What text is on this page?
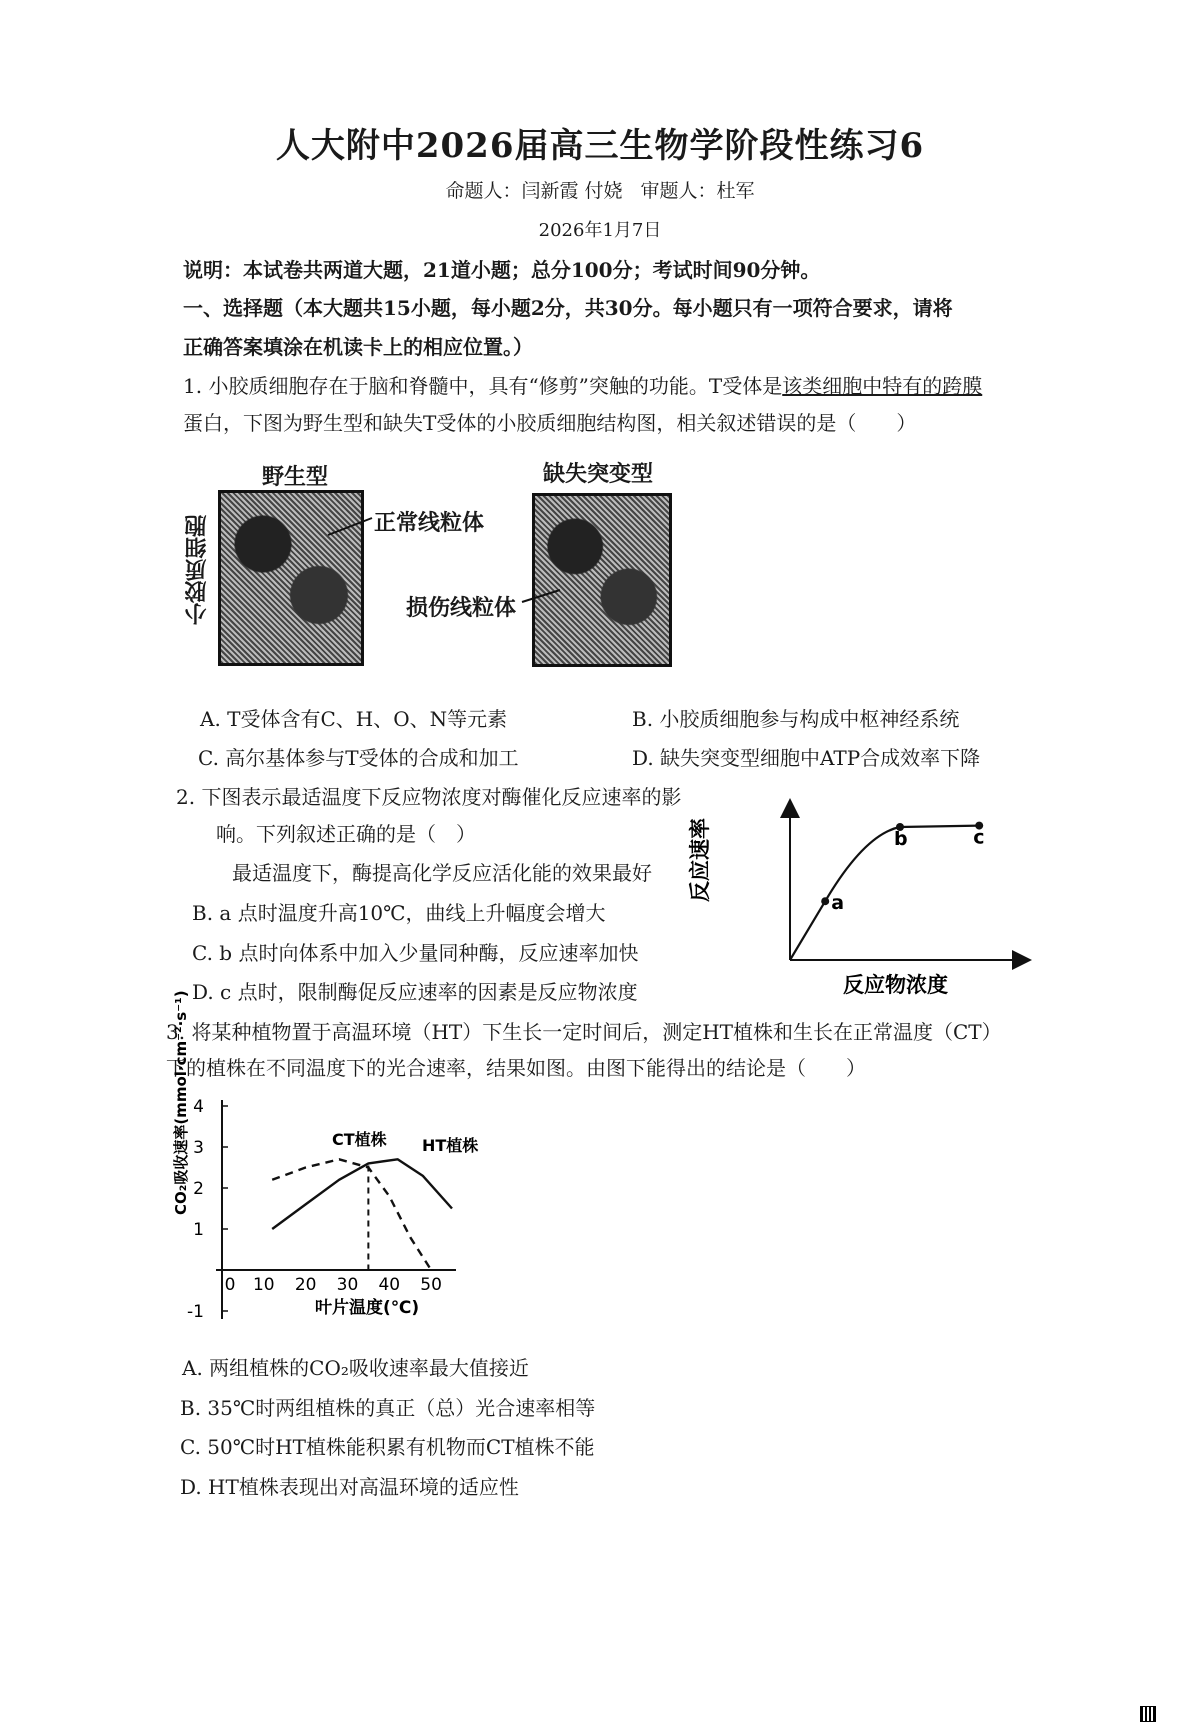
人大附中2026届高三生物学阶段性练习6
命题人：闫新霞 付娆 审题人：杜军
2026年1月7日
说明：本试卷共两道大题，21道小题；总分100分；考试时间90分钟。
一、选择题（本大题共15小题，每小题2分，共30分。每小题只有一项符合要求，请将
正确答案填涂在机读卡上的相应位置。）
1. 小胶质细胞存在于脑和脊髓中，具有“修剪”突触的功能。T受体是该类细胞中特有的跨膜
蛋白，下图为野生型和缺失T受体的小胶质细胞结构图，相关叙述错误的是（　　）
野生型	缺失突变型
小胶质细胞	正常线粒体
损伤线粒体
A. T受体含有C、H、O、N等元素	B. 小胶质细胞参与构成中枢神经系统
C. 高尔基体参与T受体的合成和加工	D. 缺失突变型细胞中ATP合成效率下降
2. 下图表示最适温度下反应物浓度对酶催化反应速率的影
响。下列叙述正确的是（　）
最适温度下，酶提高化学反应活化能的效果最好
B. a 点时温度升高10℃，曲线上升幅度会增大
C. b 点时向体系中加入少量同种酶，反应速率加快
D. c 点时，限制酶促反应速率的因素是反应物浓度
a
b	c
反应速率
反应物浓度
3. 将某种植物置于高温环境（HT）下生长一定时间后，测定HT植株和生长在正常温度（CT）
下的植株在不同温度下的光合速率，结果如图。由图下能得出的结论是（　　）
-1
1
2
3
4
0 10 20 30 40 50
CO₂吸收速率(mmol·cm⁻²·s⁻¹)
叶片温度(℃)
CT植株 HT植株
A. 两组植株的CO₂吸收速率最大值接近
B. 35℃时两组植株的真正（总）光合速率相等
C. 50℃时HT植株能积累有机物而CT植株不能
D. HT植株表现出对高温环境的适应性
